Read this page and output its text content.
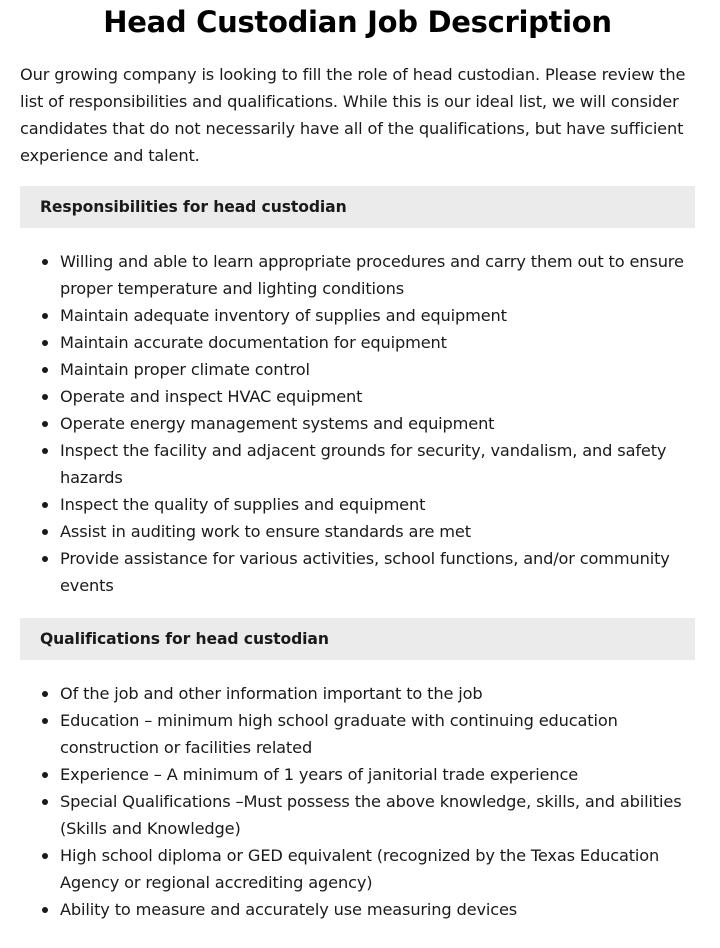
Head Custodian Job Description

Our growing company is looking to fill the role of head custodian. Please review the list of responsibilities and qualifications. While this is our ideal list, we will consider candidates that do not necessarily have all of the qualifications, but have sufficient experience and talent.

Responsibilities for head custodian
Willing and able to learn appropriate procedures and carry them out to ensure proper temperature and lighting conditions
Maintain adequate inventory of supplies and equipment
Maintain accurate documentation for equipment
Maintain proper climate control
Operate and inspect HVAC equipment
Operate energy management systems and equipment
Inspect the facility and adjacent grounds for security, vandalism, and safety hazards
Inspect the quality of supplies and equipment
Assist in auditing work to ensure standards are met
Provide assistance for various activities, school functions, and/or community events
Qualifications for head custodian
Of the job and other information important to the job
Education – minimum high school graduate with continuing education construction or facilities related
Experience – A minimum of 1 years of janitorial trade experience
Special Qualifications –Must possess the above knowledge, skills, and abilities (Skills and Knowledge)
High school diploma or GED equivalent (recognized by the Texas Education Agency or regional accrediting agency)
Ability to measure and accurately use measuring devices
